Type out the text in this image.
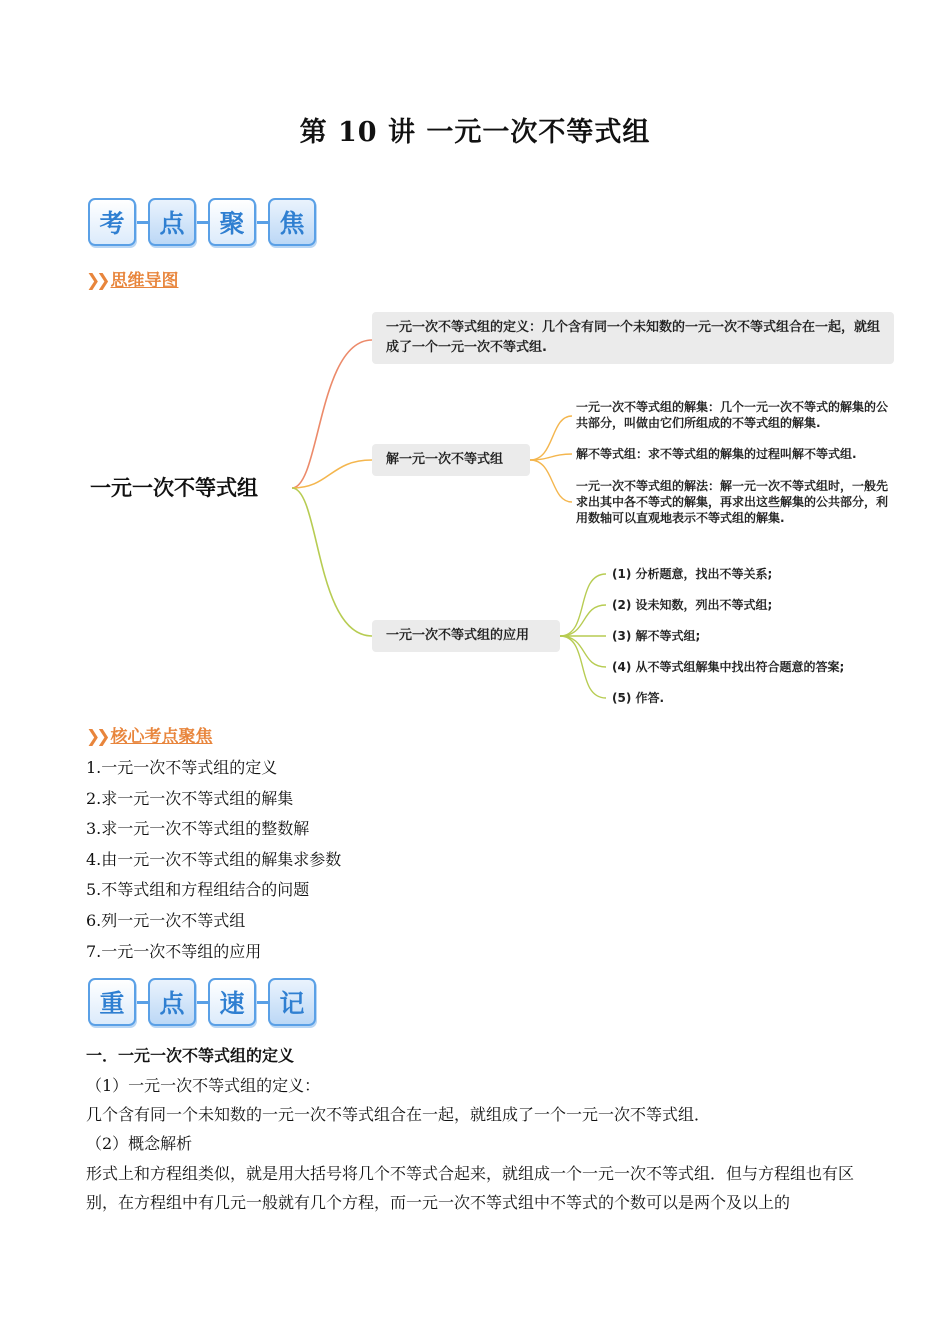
第 10 讲 一元一次不等式组
考	点	聚	焦
❯❯ 思维导图
一元一次不等式组
一元一次不等式组的定义：几个含有同一个未知数的一元一次不等式组合在一起，就组成了一个一元一次不等式组.
解一元一次不等式组
一元一次不等式组的解集：几个一元一次不等式的解集的公共部分，叫做由它们所组成的不等式组的解集.
解不等式组：求不等式组的解集的过程叫解不等式组.
一元一次不等式组的解法：解一元一次不等式组时，一般先求出其中各不等式的解集，再求出这些解集的公共部分，利用数轴可以直观地表示不等式组的解集.
一元一次不等式组的应用
(1) 分析题意，找出不等关系;
(2) 设未知数，列出不等式组;
(3) 解不等式组;
(4) 从不等式组解集中找出符合题意的答案;
(5) 作答.
❯❯ 核心考点聚焦
1.一元一次不等式组的定义
2.求一元一次不等式组的解集
3.求一元一次不等式组的整数解
4.由一元一次不等式组的解集求参数
5.不等式组和方程组结合的问题
6.列一元一次不等式组
7.一元一次不等组的应用
重	点	速	记
一．一元一次不等式组的定义
（1）一元一次不等式组的定义：
几个含有同一个未知数的一元一次不等式组合在一起，就组成了一个一元一次不等式组．
（2）概念解析
形式上和方程组类似，就是用大括号将几个不等式合起来，就组成一个一元一次不等式组．但与方程组也有区别，在方程组中有几元一般就有几个方程，而一元一次不等式组中不等式的个数可以是两个及以上的
